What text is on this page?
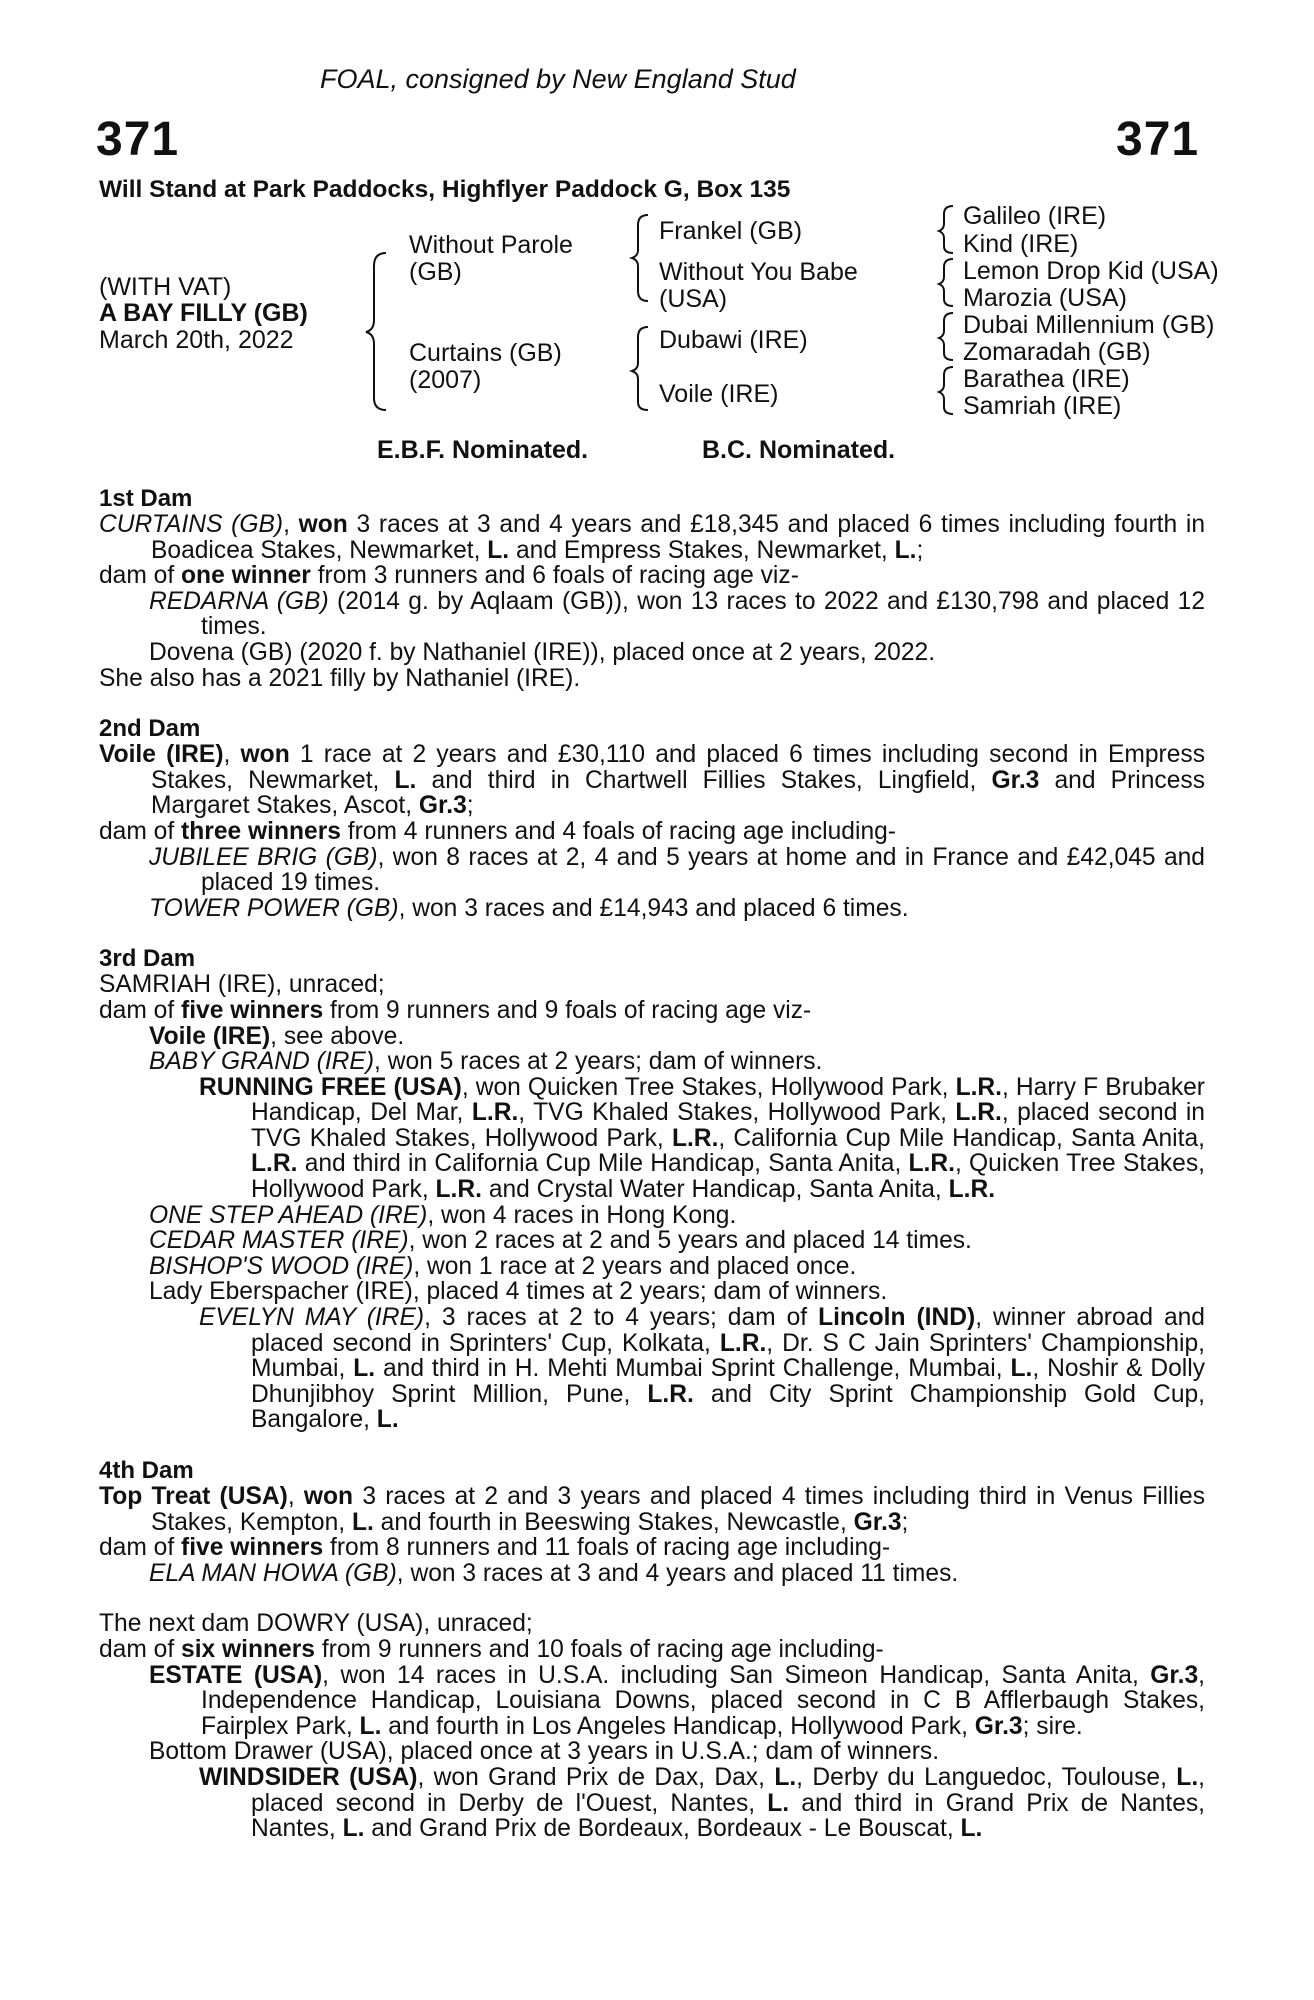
FOAL, consigned by New England Stud
371	371
Will Stand at Park Paddocks, Highflyer Paddock G, Box 135
(WITH VAT)
A BAY FILLY (GB)
March 20th, 2022
Without Parole
(GB)
Curtains (GB)
(2007)
Frankel (GB)
Without You Babe
(USA)
Dubawi (IRE)
Voile (IRE)
Galileo (IRE)
Kind (IRE)
Lemon Drop Kid (USA)
Marozia (USA)
Dubai Millennium (GB)
Zomaradah (GB)
Barathea (IRE)
Samriah (IRE)
E.B.F. Nominated.	B.C. Nominated.
1st Dam

CURTAINS (GB), won 3 races at 3 and 4 years and £18,345 and placed 6 times including fourth in Boadicea Stakes, Newmarket, L. and Empress Stakes, Newmarket, L.;

dam of one winner from 3 runners and 6 foals of racing age viz-

REDARNA (GB) (2014 g. by Aqlaam (GB)), won 13 races to 2022 and £130,798 and placed 12 times.

Dovena (GB) (2020 f. by Nathaniel (IRE)), placed once at 2 years, 2022.

She also has a 2021 filly by Nathaniel (IRE).

2nd Dam

Voile (IRE), won 1 race at 2 years and £30,110 and placed 6 times including second in Empress Stakes, Newmarket, L. and third in Chartwell Fillies Stakes, Lingfield, Gr.3 and Princess Margaret Stakes, Ascot, Gr.3;

dam of three winners from 4 runners and 4 foals of racing age including-

JUBILEE BRIG (GB), won 8 races at 2, 4 and 5 years at home and in France and £42,045 and placed 19 times.

TOWER POWER (GB), won 3 races and £14,943 and placed 6 times.

3rd Dam

SAMRIAH (IRE), unraced;

dam of five winners from 9 runners and 9 foals of racing age viz-

Voile (IRE), see above.

BABY GRAND (IRE), won 5 races at 2 years; dam of winners.

RUNNING FREE (USA), won Quicken Tree Stakes, Hollywood Park, L.R., Harry F Brubaker Handicap, Del Mar, L.R., TVG Khaled Stakes, Hollywood Park, L.R., placed second in TVG Khaled Stakes, Hollywood Park, L.R., California Cup Mile Handicap, Santa Anita, L.R. and third in California Cup Mile Handicap, Santa Anita, L.R., Quicken Tree Stakes, Hollywood Park, L.R. and Crystal Water Handicap, Santa Anita, L.R.

ONE STEP AHEAD (IRE), won 4 races in Hong Kong.

CEDAR MASTER (IRE), won 2 races at 2 and 5 years and placed 14 times.

BISHOP'S WOOD (IRE), won 1 race at 2 years and placed once.

Lady Eberspacher (IRE), placed 4 times at 2 years; dam of winners.

EVELYN MAY (IRE), 3 races at 2 to 4 years; dam of Lincoln (IND), winner abroad and placed second in Sprinters' Cup, Kolkata, L.R., Dr. S C Jain Sprinters' Championship, Mumbai, L. and third in H. Mehti Mumbai Sprint Challenge, Mumbai, L., Noshir & Dolly Dhunjibhoy Sprint Million, Pune, L.R. and City Sprint Championship Gold Cup, Bangalore, L.

4th Dam

Top Treat (USA), won 3 races at 2 and 3 years and placed 4 times including third in Venus Fillies Stakes, Kempton, L. and fourth in Beeswing Stakes, Newcastle, Gr.3;

dam of five winners from 8 runners and 11 foals of racing age including-

ELA MAN HOWA (GB), won 3 races at 3 and 4 years and placed 11 times.

The next dam DOWRY (USA), unraced;

dam of six winners from 9 runners and 10 foals of racing age including-

ESTATE (USA), won 14 races in U.S.A. including San Simeon Handicap, Santa Anita, Gr.3, Independence Handicap, Louisiana Downs, placed second in C B Afflerbaugh Stakes, Fairplex Park, L. and fourth in Los Angeles Handicap, Hollywood Park, Gr.3; sire.

Bottom Drawer (USA), placed once at 3 years in U.S.A.; dam of winners.

WINDSIDER (USA), won Grand Prix de Dax, Dax, L., Derby du Languedoc, Toulouse, L., placed second in Derby de l'Ouest, Nantes, L. and third in Grand Prix de Nantes, Nantes, L. and Grand Prix de Bordeaux, Bordeaux - Le Bouscat, L.
